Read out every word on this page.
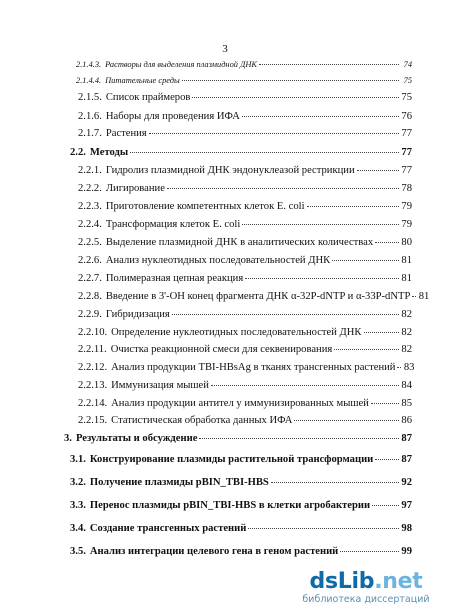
3
2.1.4.3. Растворы для выделения плазмидной ДНК	74
2.1.4.4. Питательные среды	75
2.1.5. Список праймеров	75
2.1.6. Наборы для проведения ИФА	76
2.1.7. Растения	77
2.2. Методы	77
2.2.1. Гидролиз плазмидной ДНК эндонуклеазой рестрикции	77
2.2.2. Лигирование	78
2.2.3. Приготовление компетентных клеток E. coli	79
2.2.4. Трансформация клеток E. coli	79
2.2.5. Выделение плазмидной ДНК в аналитических количествах	80
2.2.6. Анализ нуклеотидных последовательностей ДНК	81
2.2.7. Полимеразная цепная реакция	81
2.2.8. Введение в 3'-OH конец фрагмента ДНК α-32P-dNTP и α-33P-dNTP 81
2.2.9. Гибридизация	82
2.2.10. Определение нуклеотидных последовательностей ДНК	82
2.2.11. Очистка реакционной смеси для секвенирования	82
2.2.12. Анализ продукции TBI-HBsAg в тканях трансгенных растений 83
2.2.13. Иммунизация мышей	84
2.2.14. Анализ продукции антител у иммунизированных мышей	85
2.2.15. Статистическая обработка данных ИФА	86
3. Результаты и обсуждение	87
3.1. Конструирование плазмиды растительной трансформации	87
3.2. Получение плазмиды pBIN_TBI-HBS	92
3.3. Перенос плазмиды pBIN_TBI-HBS в клетки агробактерии	97
3.4. Создание трансгенных растений	98
3.5. Анализ интеграции целевого гена в геном растений	99
dsLib.net
библиотека диссертаций
